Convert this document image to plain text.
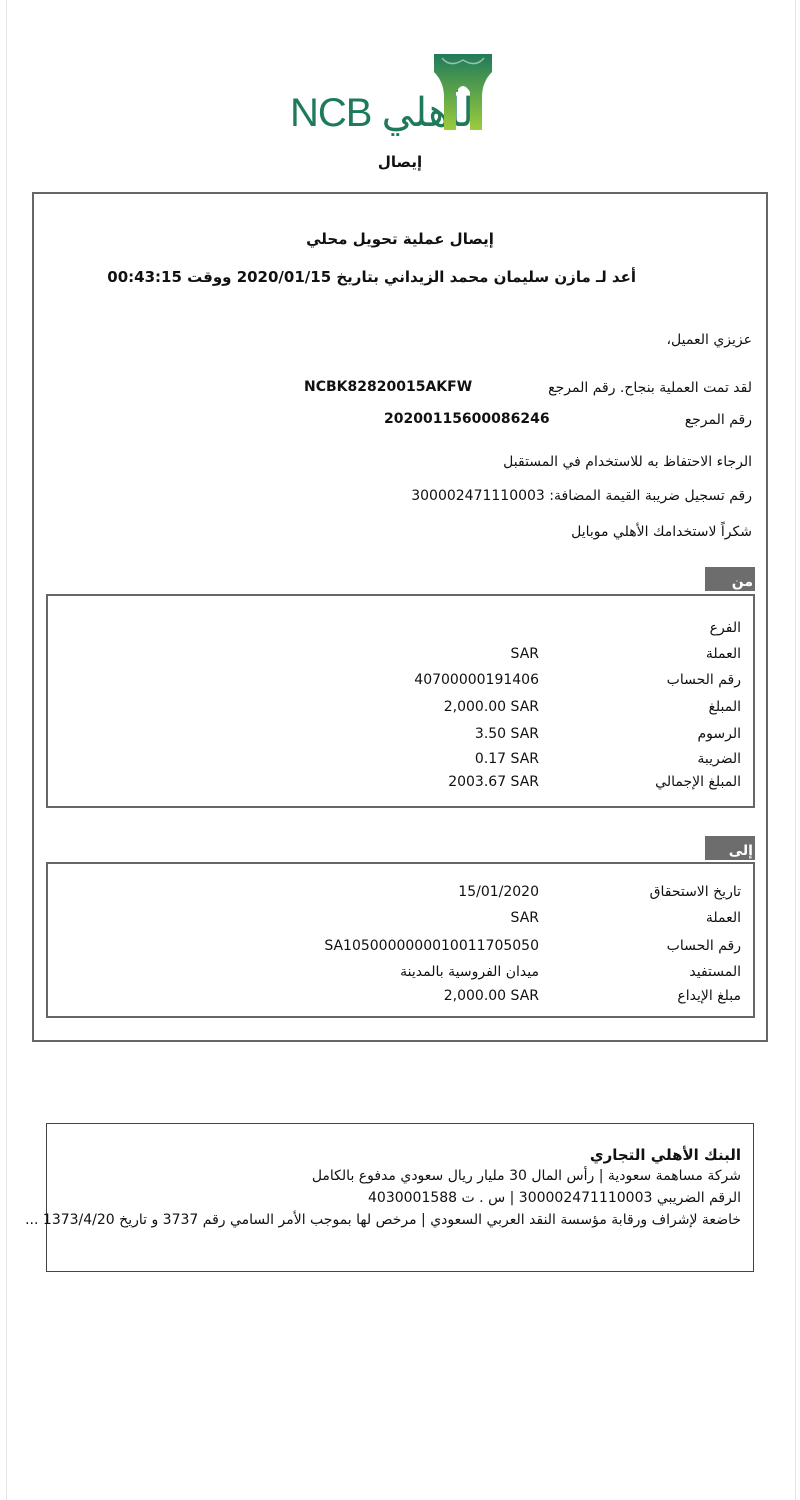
NCB الأهلي
إيصال
إيصال عملية تحويل محلي
أعد لـ مازن سليمان محمد الزيداني بتاريخ 2020/01/15 ووقت 00:43:15
عزيزي العميل،
لقد تمت العملية بنجاح. رقم المرجع
NCBK82820015AKFW
رقم المرجع
20200115600086246
الرجاء الاحتفاظ به للاستخدام في المستقبل
رقم تسجيل ضريبة القيمة المضافة: 300002471110003
شكراً لاستخدامك الأهلي موبايل
من
الفرع
العملة
SAR
رقم الحساب
40700000191406
المبلغ
2,000.00 SAR
الرسوم
3.50 SAR
الضريبة
0.17 SAR
المبلغ الإجمالي
2003.67 SAR
إلى
تاريخ الاستحقاق
15/01/2020
العملة
SAR
رقم الحساب
SA1050000000010011705050
المستفيد
ميدان الفروسية بالمدينة
مبلغ الإيداع
2,000.00 SAR
البنك الأهلي التجاري
شركة مساهمة سعودية | رأس المال 30 مليار ريال سعودي مدفوع بالكامل
الرقم الضريبي 300002471110003 | س . ت 4030001588
خاضعة لإشراف ورقابة مؤسسة النقد العربي السعودي | مرخص لها بموجب الأمر السامي رقم 3737 و تاريخ 1373/4/20 ...
